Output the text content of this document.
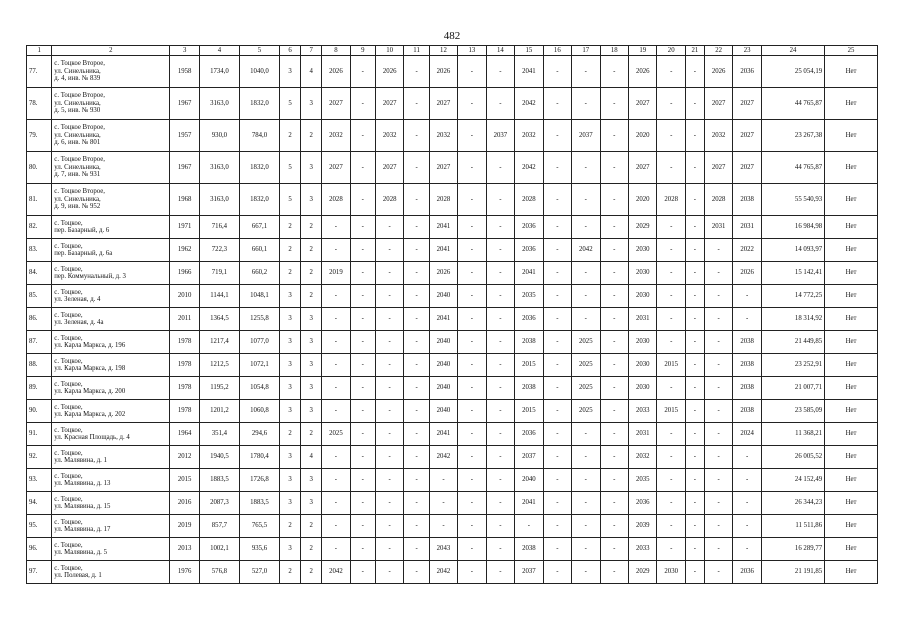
482
1	2	3	4	5	6	7	8	9	10	11	12	13	14	15	16	17	18	19	20	21	22	23	24	25
77.	с. Тоцкое Второе,
ул. Синельника,
д. 4, инв. № 839	1958	1734,0	1040,0	3	4	2026	-	2026	-	2026	-	-	2041	-	-	-	2026	-	-	2026	2036	25 054,19	Нет
78.	с. Тоцкое Второе,
ул. Синельника,
д. 5, инв. № 930	1967	3163,0	1832,0	5	3	2027	-	2027	-	2027	-	-	2042	-	-	-	2027	-	-	2027	2027	44 765,87	Нет
79.	с. Тоцкое Второе,
ул. Синельника,
д. 6, инв. № 801	1957	930,0	784,0	2	2	2032	-	2032	-	2032	-	2037	2032	-	2037	-	2020	-	-	2032	2027	23 267,38	Нет
80.	с. Тоцкое Второе,
ул. Синельника,
д. 7, инв. № 931	1967	3163,0	1832,0	5	3	2027	-	2027	-	2027	-	-	2042	-	-	-	2027	-	-	2027	2027	44 765,87	Нет
81.	с. Тоцкое Второе,
ул. Синельника,
д. 9, инв. № 952	1968	3163,0	1832,0	5	3	2028	-	2028	-	2028	-	-	2028	-	-	-	2020	2028	-	2028	2038	55 540,93	Нет
82.	с. Тоцкое,
пер. Базарный, д. 6	1971	716,4	667,1	2	2	-	-	-	-	2041	-	-	2036	-	-	-	2029	-	-	2031	2031	16 984,98	Нет
83.	с. Тоцкое,
пер. Базарный, д. 6а	1962	722,3	660,1	2	2	-	-	-	-	2041	-	-	2036	-	2042	-	2030	-	-	-	2022	14 093,97	Нет
84.	с. Тоцкое,
пер. Коммунальный, д. 3	1966	719,1	660,2	2	2	2019	-	-	-	2026	-	-	2041	-	-	-	2030	-	-	-	2026	15 142,41	Нет
85.	с. Тоцкое,
ул. Зеленая, д. 4	2010	1144,1	1048,1	3	2	-	-	-	-	2040	-	-	2035	-	-	-	2030	-	-	-	-	14 772,25	Нет
86.	с. Тоцкое,
ул. Зеленая, д. 4а	2011	1364,5	1255,8	3	3	-	-	-	-	2041	-	-	2036	-	-	-	2031	-	-	-	-	18 314,92	Нет
87.	с. Тоцкое,
ул. Карла Маркса, д. 196	1978	1217,4	1077,0	3	3	-	-	-	-	2040	-	-	2038	-	2025	-	2030	-	-	-	2038	21 449,85	Нет
88.	с. Тоцкое,
ул. Карла Маркса, д. 198	1978	1212,5	1072,1	3	3	-	-	-	-	2040	-	-	2015	-	2025	-	2030	2015	-	-	2038	23 252,91	Нет
89.	с. Тоцкое,
ул. Карла Маркса, д. 200	1978	1195,2	1054,8	3	3	-	-	-	-	2040	-	-	2038	-	2025	-	2030	-	-	-	2038	21 007,71	Нет
90.	с. Тоцкое,
ул. Карла Маркса, д. 202	1978	1201,2	1060,8	3	3	-	-	-	-	2040	-	-	2015	-	2025	-	2033	2015	-	-	2038	23 585,09	Нет
91.	с. Тоцкое,
ул. Красная Площадь, д. 4	1964	351,4	294,6	2	2	2025	-	-	-	2041	-	-	2036	-	-	-	2031	-	-	-	2024	11 368,21	Нет
92.	с. Тоцкое,
ул. Малявина, д. 1	2012	1940,5	1780,4	3	4	-	-	-	-	2042	-	-	2037	-	-	-	2032	-	-	-	-	26 005,52	Нет
93.	с. Тоцкое,
ул. Малявина, д. 13	2015	1883,5	1726,8	3	3	-	-	-	-	-	-	-	2040	-	-	-	2035	-	-	-	-	24 152,49	Нет
94.	с. Тоцкое,
ул. Малявина, д. 15	2016	2087,3	1883,5	3	3	-	-	-	-	-	-	-	2041	-	-	-	2036	-	-	-	-	26 344,23	Нет
95.	с. Тоцкое,
ул. Малявина, д. 17	2019	857,7	765,5	2	2	-	-	-	-	-	-	-	-	-	-	-	2039	-	-	-	-	11 511,86	Нет
96.	с. Тоцкое,
ул. Малявина, д. 5	2013	1002,1	935,6	3	2	-	-	-	-	2043	-	-	2038	-	-	-	2033	-	-	-	-	16 289,77	Нет
97.	с. Тоцкое,
ул. Полевая, д. 1	1976	576,8	527,0	2	2	2042	-	-	-	2042	-	-	2037	-	-	-	2029	2030	-	-	2036	21 191,85	Нет
